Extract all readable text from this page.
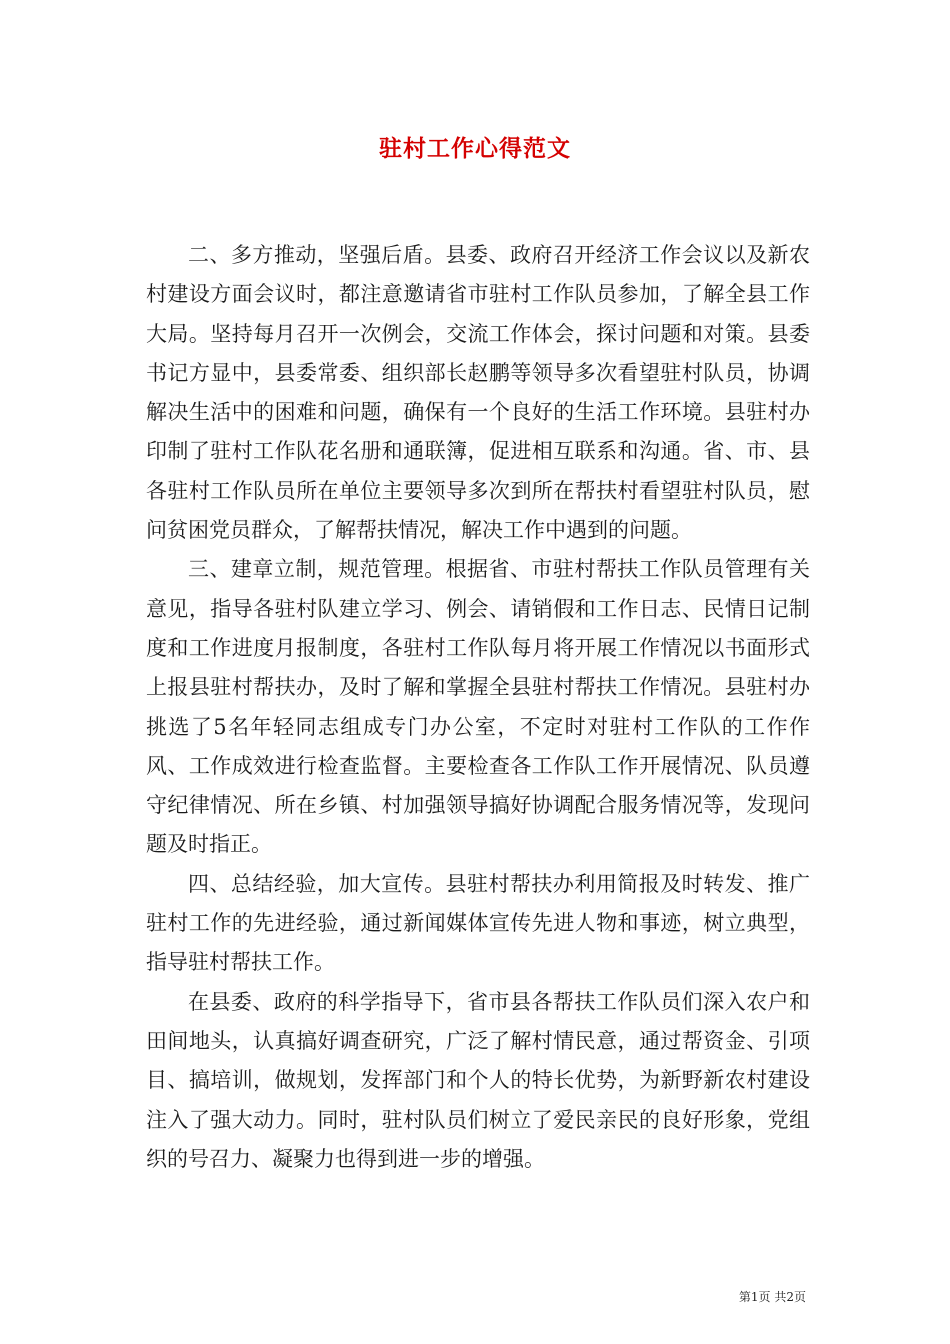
驻村工作心得范文

二、多方推动，坚强后盾。县委、政府召开经济工作会议以及新农村建设方面会议时，都注意邀请省市驻村工作队员参加，了解全县工作大局。坚持每月召开一次例会，交流工作体会，探讨问题和对策。县委书记方显中，县委常委、组织部长赵鹏等领导多次看望驻村队员，协调解决生活中的困难和问题，确保有一个良好的生活工作环境。县驻村办印制了驻村工作队花名册和通联簿，促进相互联系和沟通。省、市、县各驻村工作队员所在单位主要领导多次到所在帮扶村看望驻村队员，慰问贫困党员群众，了解帮扶情况，解决工作中遇到的问题。

三、建章立制，规范管理。根据省、市驻村帮扶工作队员管理有关意见，指导各驻村队建立学习、例会、请销假和工作日志、民情日记制度和工作进度月报制度，各驻村工作队每月将开展工作情况以书面形式上报县驻村帮扶办，及时了解和掌握全县驻村帮扶工作情况。县驻村办挑选了5名年轻同志组成专门办公室，不定时对驻村工作队的工作作风、工作成效进行检查监督。主要检查各工作队工作开展情况、队员遵守纪律情况、所在乡镇、村加强领导搞好协调配合服务情况等，发现问题及时指正。

四、总结经验，加大宣传。县驻村帮扶办利用简报及时转发、推广驻村工作的先进经验，通过新闻媒体宣传先进人物和事迹，树立典型，指导驻村帮扶工作。

在县委、政府的科学指导下，省市县各帮扶工作队员们深入农户和田间地头，认真搞好调查研究，广泛了解村情民意，通过帮资金、引项目、搞培训，做规划，发挥部门和个人的特长优势，为新野新农村建设注入了强大动力。同时，驻村队员们树立了爱民亲民的良好形象，党组织的号召力、凝聚力也得到进一步的增强。

第1页 共2页
